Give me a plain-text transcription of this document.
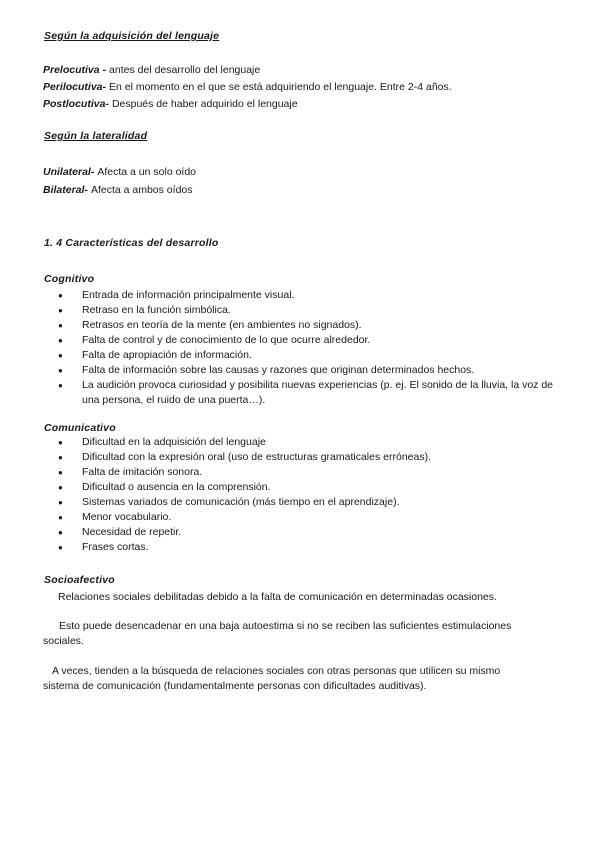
Según la adquisición del lenguaje
Prelocutiva - antes del desarrollo del lenguaje
Perilocutiva- En el momento en el que se está adquiriendo el lenguaje. Entre 2-4 años.
Postlocutiva- Después de haber adquirido el lenguaje
Según la lateralidad
Unilateral- Afecta a un solo oído
Bilateral- Afecta a ambos oídos
1. 4 Características del desarrollo
Cognitivo
● Entrada de información principalmente visual.
● Retraso en la función simbólica.
● Retrasos en teoría de la mente (en ambientes no signados).
● Falta de control y de conocimiento de lo que ocurre alrededor.
● Falta de apropiación de información.
● Falta de información sobre las causas y razones que originan determinados hechos.
● La audición provoca curiosidad y posibilita nuevas experiencias (p. ej. El sonido de la lluvia, la voz de una persona, el ruido de una puerta…).
Comunicativo
● Dificultad en la adquisición del lenguaje
● Dificultad con la expresión oral (uso de estructuras gramaticales erróneas).
● Falta de imitación sonora.
● Dificultad o ausencia en la comprensión.
● Sistemas variados de comunicación (más tiempo en el aprendizaje).
● Menor vocabulario.
● Necesidad de repetir.
● Frases cortas.
Socioafectivo
Relaciones sociales debilitadas debido a la falta de comunicación en determinadas ocasiones.
Esto puede desencadenar en una baja autoestima si no se reciben las suficientes estimulaciones sociales.
A veces, tienden a la búsqueda de relaciones sociales con otras personas que utilicen su mismo sistema de comunicación (fundamentalmente personas con dificultades auditivas).
